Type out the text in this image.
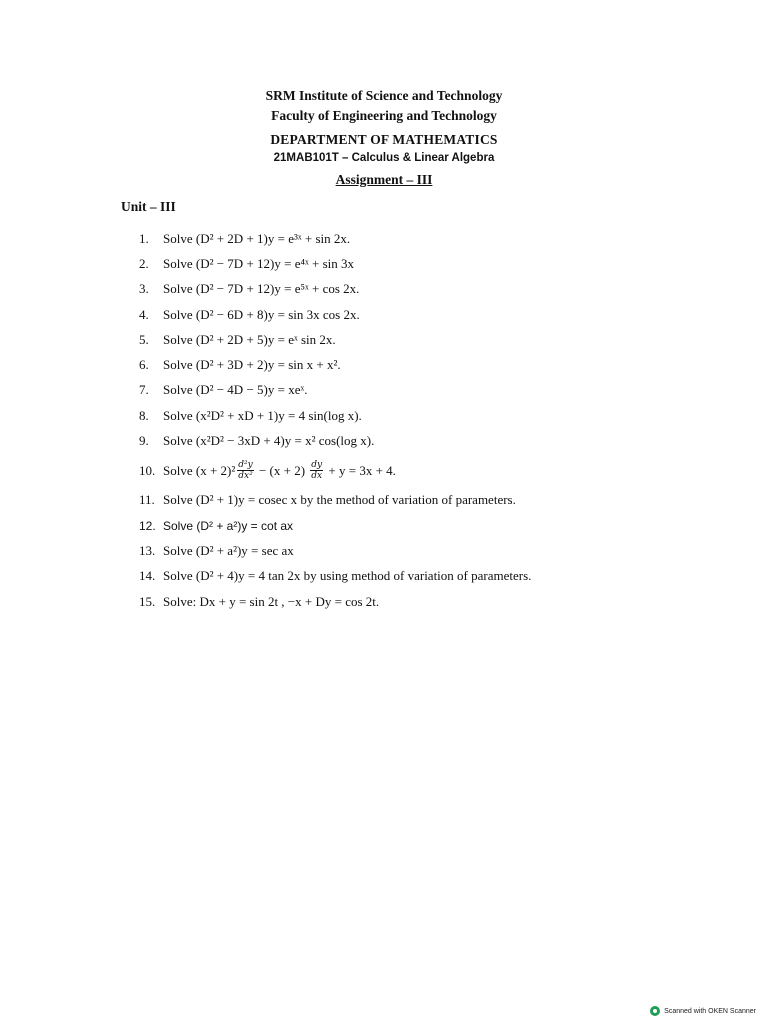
SRM Institute of Science and Technology
Faculty of Engineering and Technology
DEPARTMENT OF MATHEMATICS
21MAB101T – Calculus & Linear Algebra
Assignment – III
Unit – III
1.	Solve (D² + 2D + 1)y = e³ˣ + sin 2x.
2.	Solve (D² − 7D + 12)y = e⁴ˣ + sin 3x
3.	Solve (D² − 7D + 12)y = e⁵ˣ + cos 2x.
4.	Solve (D² − 6D + 8)y = sin 3x cos 2x.
5.	Solve (D² + 2D + 5)y = eˣ sin 2x.
6.	Solve (D² + 3D + 2)y = sin x + x².
7.	Solve (D² − 4D − 5)y = xeˣ.
8.	Solve (x²D² + xD + 1)y = 4 sin(log x).
9.	Solve (x²D² − 3xD + 4)y = x² cos(log x).
10. Solve $(x + 2)^2 \frac{\text{d²y}}{\text{dx²}} - (x + 2) \frac{dy}{dx} + y = 3x + 4$.
11. Solve (D² + 1)y = cosec x by the method of variation of parameters.
12. Solve (D² + a²)y = cot ax
13. Solve (D² + a²)y = sec ax
14. Solve (D² + 4)y = 4 tan 2x by using method of variation of parameters.
15. Solve: Dx + y = sin 2t , −x + Dy = cos 2t.
Scanned with OKEN Scanner
